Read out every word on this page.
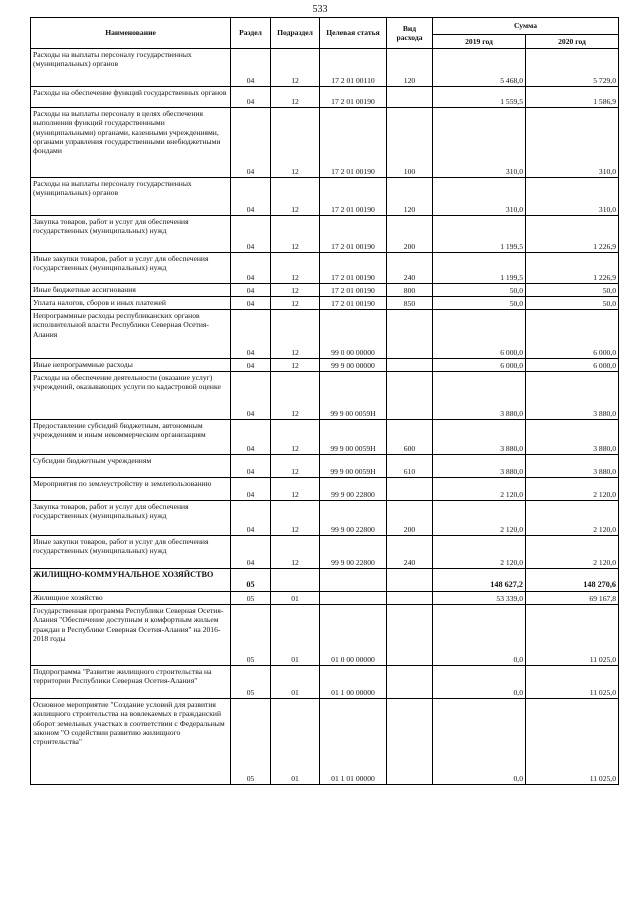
533
Наименование	Раздел	Подраздел	Целевая статья	Вид расхода	Сумма	
					2019 год	2020 год
Расходы на выплаты персоналу государственных (муниципальных) органов	04	12	17 2 01 00110	120	5 468,0	5 729,0
Расходы на обеспечение функций государственных органов	04	12	17 2 01 00190		1 559,5	1 586,9
Расходы на выплаты персоналу в целях обеспечения выполнения функций государственными (муниципальными) органами, казенными учреждениями, органами управления государственными внебюджетными фондами	04	12	17 2 01 00190	100	310,0	310,0
Расходы на выплаты персоналу государственных (муниципальных) органов	04	12	17 2 01 00190	120	310,0	310,0
Закупка товаров, работ и услуг для обеспечения государственных (муниципальных) нужд	04	12	17 2 01 00190	200	1 199,5	1 226,9
Иные закупки товаров, работ и услуг для обеспечения государственных (муниципальных) нужд	04	12	17 2 01 00190	240	1 199,5	1 226,9
Иные бюджетные ассигнования	04	12	17 2 01 00190	800	50,0	50,0
Уплата налогов, сборов и иных платежей	04	12	17 2 01 00190	850	50,0	50,0
Непрограммные расходы республиканских органов исполнительной власти Республики Северная Осетия-Алания	04	12	99 0 00 00000		6 000,0	6 000,0
Иные непрограммные расходы	04	12	99 9 00 00000		6 000,0	6 000,0
Расходы на обеспечение деятельности (оказание услуг) учреждений, оказывающих услуги по кадастровой оценке	04	12	99 9 00 0059Н		3 880,0	3 880,0
Предоставление субсидий бюджетным, автономным учреждениям и иным некоммерческим организациям	04	12	99 9 00 0059Н	600	3 880,0	3 880,0
Субсидии бюджетным учреждениям	04	12	99 9 00 0059Н	610	3 880,0	3 880,0
Мероприятия по землеустройству и землепользованию	04	12	99 9 00 22800		2 120,0	2 120,0
Закупка товаров, работ и услуг для обеспечения государственных (муниципальных) нужд	04	12	99 9 00 22800	200	2 120,0	2 120,0
Иные закупки товаров, работ и услуг для обеспечения государственных (муниципальных) нужд	04	12	99 9 00 22800	240	2 120,0	2 120,0
ЖИЛИЩНО-КОММУНАЛЬНОЕ ХОЗЯЙСТВО	05				148 627,2	148 270,6
Жилищное хозяйство	05	01			53 339,0	69 167,8
Государственная программа Республики Северная Осетия-Алания "Обеспечение доступным и комфортным жильем граждан в Республике Северная Осетия-Алания" на 2016-2018 годы	05	01	01 0 00 00000		0,0	11 025,0
Подпрограмма "Развитие жилищного строительства на территории Республики Северная Осетия-Алания"	05	01	01 1 00 00000		0,0	11 025,0
Основное мероприятие "Создание условий для развития жилищного строительства на вовлекаемых в гражданский оборот земельных участках в соответствии с Федеральным законом "О содействии развитию жилищного строительства"	05	01	01 1 01 00000		0,0	11 025,0
